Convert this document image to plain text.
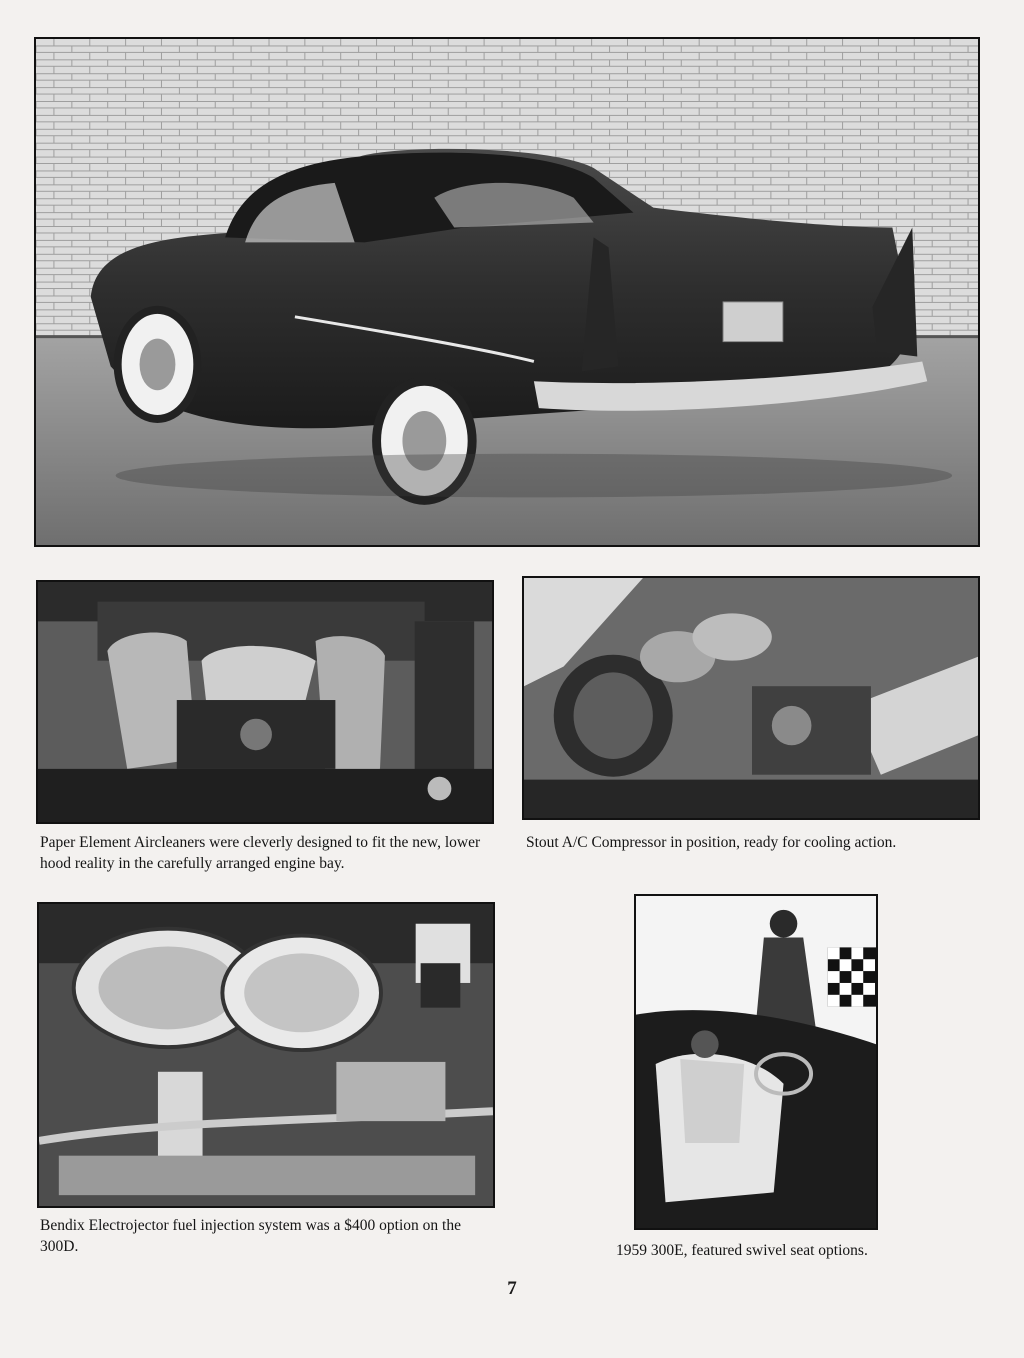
Paper Element Aircleaners were cleverly designed to fit the new, lower hood reality in the carefully arranged engine bay.
Stout A/C Compressor in position, ready for cooling action.
Bendix Electrojector fuel injection system was a $400 option on the 300D.	1959 300E, featured swivel seat options.
7
